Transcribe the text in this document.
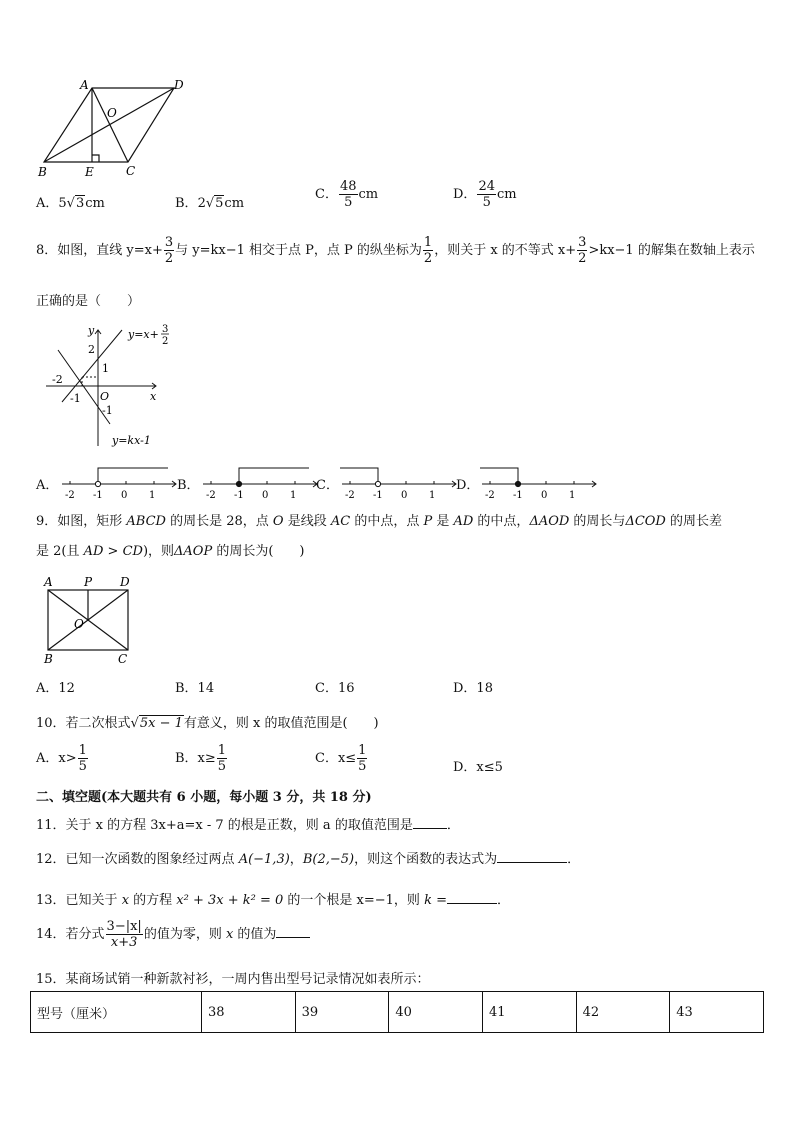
A	D
O
B	E	C
A．5√3cm	B．2√5cm
C． $\frac{48}{5}$ cm	D． $\frac{24}{5}$ cm
8．如图，直线 $y=x+ \frac{3}{2}$ 与 y=kx−1 相交于点 P，点 P 的纵坐标为 $\frac{1}{2}$ ，则关于 x 的不等式 $x+ \frac{3}{2} >kx-1$ 的解集在数轴上表示
正确的是（　　）
y
x
O
2
1
-2
-1
-1
y=x+ 3
2
y=kx-1
A．
-2 -1 0 1
B．
-2 -1 0 1
C．
-2 -1 0 1
D．
-2 -1 0 1
9．如图，矩形 ABCD 的周长是 28，点 O 是线段 AC 的中点，点 P 是 AD 的中点，ΔAOD 的周长与ΔCOD 的周长差
是 2(且 AD > CD)，则ΔAOP 的周长为(　　)
A	P D
O
B	C
A．12	B．14	C．16	D．18
10．若二次根式√5x − 1有意义，则 x 的取值范围是(　　)
A．$x> \frac{1}{5}$	B．$x\ge \frac{1}{5}$	C．$x\le \frac{1}{5}$	D．x≤5
二、填空题(本大题共有 6 小题，每小题 3 分，共 18 分)
11．关于 x 的方程 3x+a=x - 7 的根是正数，则 a 的取值范围是	．
12．已知一次函数的图象经过两点 A(−1,3)，B(2,−5)，则这个函数的表达式为	．
13．已知关于 x 的方程 x² + 3x + k² = 0 的一个根是 x=−1，则 k =	．
14．若分式 $\frac{3-|x|}{x+3}$ 的值为零，则 x 的值为
15．某商场试销一种新款衬衫，一周内售出型号记录情况如表所示：
型号（厘米）	38	39	40	41	42	43
